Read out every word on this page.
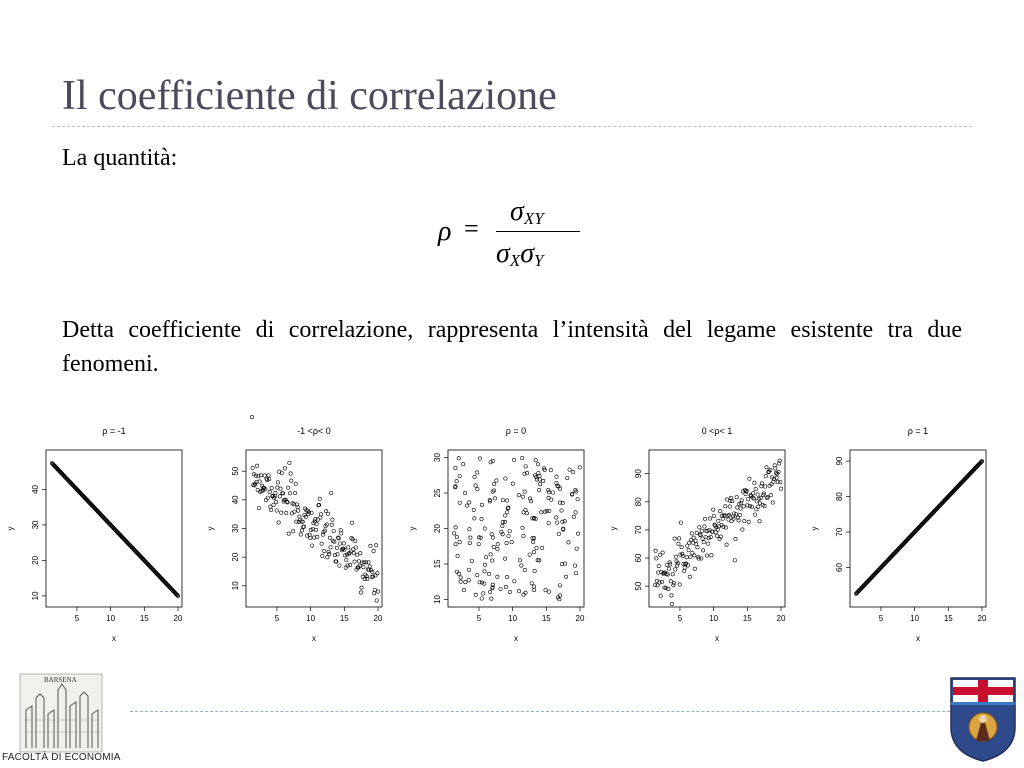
Il coefficiente di correlazione
La quantità:
ρ =
$\sigma_{XY}$
$\sigma_X\sigma_Y$
Detta coefficiente di correlazione, rappresenta l’intensità del legame esistente tra due fenomeni.
ρ = -1
5	10	15	20
10
20
30
40
x
y
-1 <ρ< 0
5	10	15	20
10
20
30
40
50
x
y
ρ = 0
5	10	15	20
10
15
20
25
30
x
y
0 <ρ< 1
5	10	15	20
50
60
70
80
90
x
y
ρ = 1
5	10	15	20
60
70
80
90
x
y
BARSENA
FACOLTÀ DI ECONOMIA
